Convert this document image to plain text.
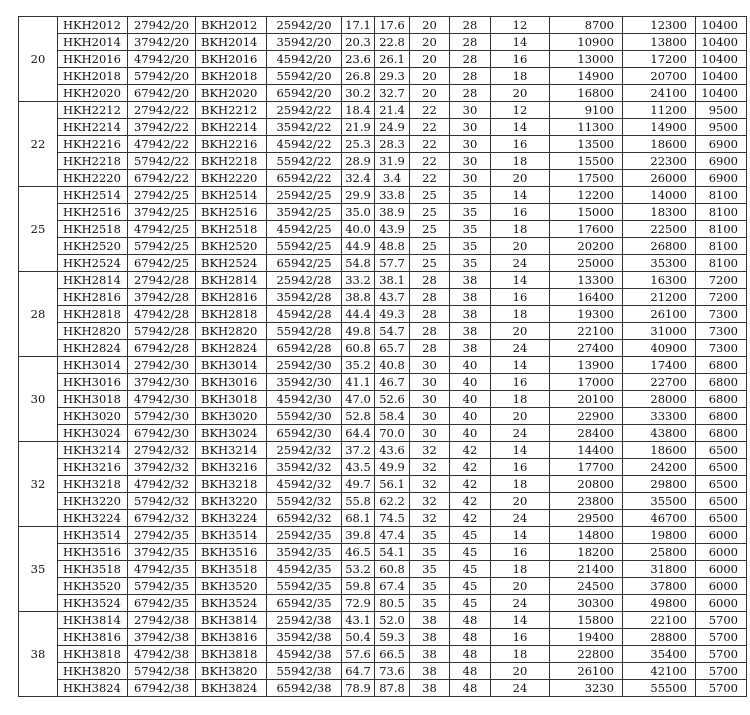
20	HKH2012	27942/20	BKH2012	25942/20	17.1	17.6	20	28	12	8700	12300	10400
	HKH2014	37942/20	BKH2014	35942/20	20.3	22.8	20	28	14	10900	13800	10400
	HKH2016	47942/20	BKH2016	45942/20	23.6	26.1	20	28	16	13000	17200	10400
	HKH2018	57942/20	BKH2018	55942/20	26.8	29.3	20	28	18	14900	20700	10400
	HKH2020	67942/20	BKH2020	65942/20	30.2	32.7	20	28	20	16800	24100	10400
22	HKH2212	27942/22	BKH2212	25942/22	18.4	21.4	22	30	12	9100	11200	9500
	HKH2214	37942/22	BKH2214	35942/22	21.9	24.9	22	30	14	11300	14900	9500
	HKH2216	47942/22	BKH2216	45942/22	25.3	28.3	22	30	16	13500	18600	6900
	HKH2218	57942/22	BKH2218	55942/22	28.9	31.9	22	30	18	15500	22300	6900
	HKH2220	67942/22	BKH2220	65942/22	32.4	3.4	22	30	20	17500	26000	6900
25	HKH2514	27942/25	BKH2514	25942/25	29.9	33.8	25	35	14	12200	14000	8100
	HKH2516	37942/25	BKH2516	35942/25	35.0	38.9	25	35	16	15000	18300	8100
	HKH2518	47942/25	BKH2518	45942/25	40.0	43.9	25	35	18	17600	22500	8100
	HKH2520	57942/25	BKH2520	55942/25	44.9	48.8	25	35	20	20200	26800	8100
	HKH2524	67942/25	BKH2524	65942/25	54.8	57.7	25	35	24	25000	35300	8100
28	HKH2814	27942/28	BKH2814	25942/28	33.2	38.1	28	38	14	13300	16300	7200
	HKH2816	37942/28	BKH2816	35942/28	38.8	43.7	28	38	16	16400	21200	7200
	HKH2818	47942/28	BKH2818	45942/28	44.4	49.3	28	38	18	19300	26100	7300
	HKH2820	57942/28	BKH2820	55942/28	49.8	54.7	28	38	20	22100	31000	7300
	HKH2824	67942/28	BKH2824	65942/28	60.8	65.7	28	38	24	27400	40900	7300
30	HKH3014	27942/30	BKH3014	25942/30	35.2	40.8	30	40	14	13900	17400	6800
	HKH3016	37942/30	BKH3016	35942/30	41.1	46.7	30	40	16	17000	22700	6800
	HKH3018	47942/30	BKH3018	45942/30	47.0	52.6	30	40	18	20100	28000	6800
	HKH3020	57942/30	BKH3020	55942/30	52.8	58.4	30	40	20	22900	33300	6800
	HKH3024	67942/30	BKH3024	65942/30	64.4	70.0	30	40	24	28400	43800	6800
32	HKH3214	27942/32	BKH3214	25942/32	37.2	43.6	32	42	14	14400	18600	6500
	HKH3216	37942/32	BKH3216	35942/32	43.5	49.9	32	42	16	17700	24200	6500
	HKH3218	47942/32	BKH3218	45942/32	49.7	56.1	32	42	18	20800	29800	6500
	HKH3220	57942/32	BKH3220	55942/32	55.8	62.2	32	42	20	23800	35500	6500
	HKH3224	67942/32	BKH3224	65942/32	68.1	74.5	32	42	24	29500	46700	6500
35	HKH3514	27942/35	BKH3514	25942/35	39.8	47.4	35	45	14	14800	19800	6000
	HKH3516	37942/35	BKH3516	35942/35	46.5	54.1	35	45	16	18200	25800	6000
	HKH3518	47942/35	BKH3518	45942/35	53.2	60.8	35	45	18	21400	31800	6000
	HKH3520	57942/35	BKH3520	55942/35	59.8	67.4	35	45	20	24500	37800	6000
	HKH3524	67942/35	BKH3524	65942/35	72.9	80.5	35	45	24	30300	49800	6000
38	HKH3814	27942/38	BKH3814	25942/38	43.1	52.0	38	48	14	15800	22100	5700
	HKH3816	37942/38	BKH3816	35942/38	50.4	59.3	38	48	16	19400	28800	5700
	HKH3818	47942/38	BKH3818	45942/38	57.6	66.5	38	48	18	22800	35400	5700
	HKH3820	57942/38	BKH3820	55942/38	64.7	73.6	38	48	20	26100	42100	5700
	HKH3824	67942/38	BKH3824	65942/38	78.9	87.8	38	48	24	3230	55500	5700
